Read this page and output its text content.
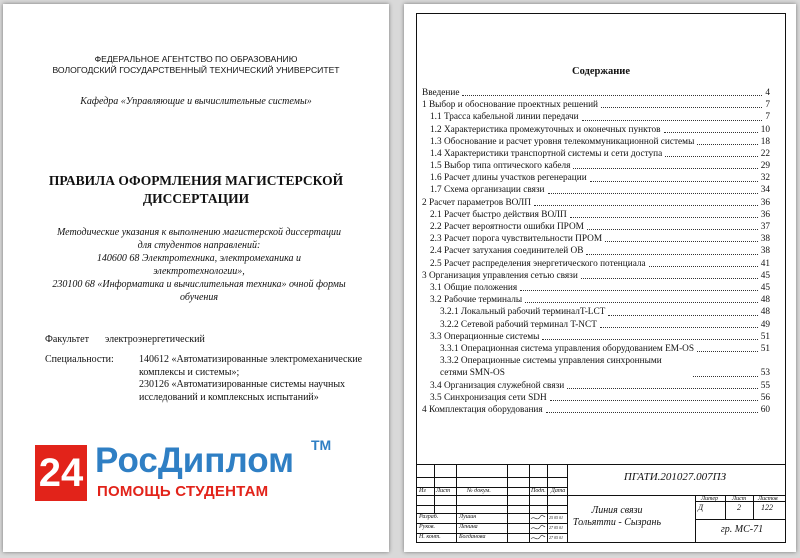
ФЕДЕРАЛЬНОЕ АГЕНТСТВО ПО ОБРАЗОВАНИЮ
ВОЛОГОДСКИЙ ГОСУДАРСТВЕННЫЙ ТЕХНИЧЕСКИЙ УНИВЕРСИТЕТ
Кафедра «Управляющие и вычислительные системы»
ПРАВИЛА ОФОРМЛЕНИЯ МАГИСТЕРСКОЙ
ДИССЕРТАЦИИ
Методические указания к выполнению магистерской диссертации
для студентов направлений:
140600 68 Электротехника, электромеханика и
электротехнологии»,
230100 68 «Информатика и вычислительная техника» очной формы
обучения
Факультет электроэнергетический
Специальности:	140612 «Автоматизированные электромеханические
комплексы и системы»;
230126 «Автоматизированные системы научных
исследований и комплексных испытаний»
24 РосДиплом TM
ПОМОЩЬ СТУДЕНТАМ
Содержание
Введение	4
1 Выбор и обоснование проектных решений	7
1.1 Трасса кабельной линии передачи	7
1.2 Характеристика промежуточных и оконечных пунктов	10
1.3 Обоснование и расчет уровня телекоммуникационной системы	18
1.4 Характеристики транспортной системы и сети доступа	22
1.5 Выбор типа оптического кабеля	29
1.6 Расчет длины участков регенерации	32
1.7 Схема организации связи	34
2 Расчет параметров ВОЛП	36
2.1 Расчет быстро действия ВОЛП	36
2.2 Расчет вероятности ошибки ПРОМ	37
2.3 Расчет порога чувствительности ПРОМ	38
2.4 Расчет затухания соединителей ОВ	38
2.5 Расчет распределения энергетического потенциала	41
3 Организация управления сетью связи	45
3.1 Общие положения	45
3.2 Рабочие терминалы	48
3.2.1 Локальный рабочий терминалT-LCT	48
3.2.2 Сетевой рабочий терминал T-NCT	49
3.3 Операционные системы	51
3.3.1 Операционная система управления оборудованием EM-OS	51
3.3.2 Операционные системы управления синхронными сетями SMN-OS	53
3.4 Организация служебной связи	55
3.5 Синхронизация сети SDH	56
4 Комплектация оборудования	60
Из Лист	№ докум.	Подп. Дата
Разраб.	Лушин	25 05 01
Руков.	Ленина	27 05 01
Н. конт.	Богданова	27 05 01
ПГАТИ.201027.007ПЗ
Линия связи
Тольятти - Сызрань
Литер Лист Листов
Д	2	122
гр. МС-71
